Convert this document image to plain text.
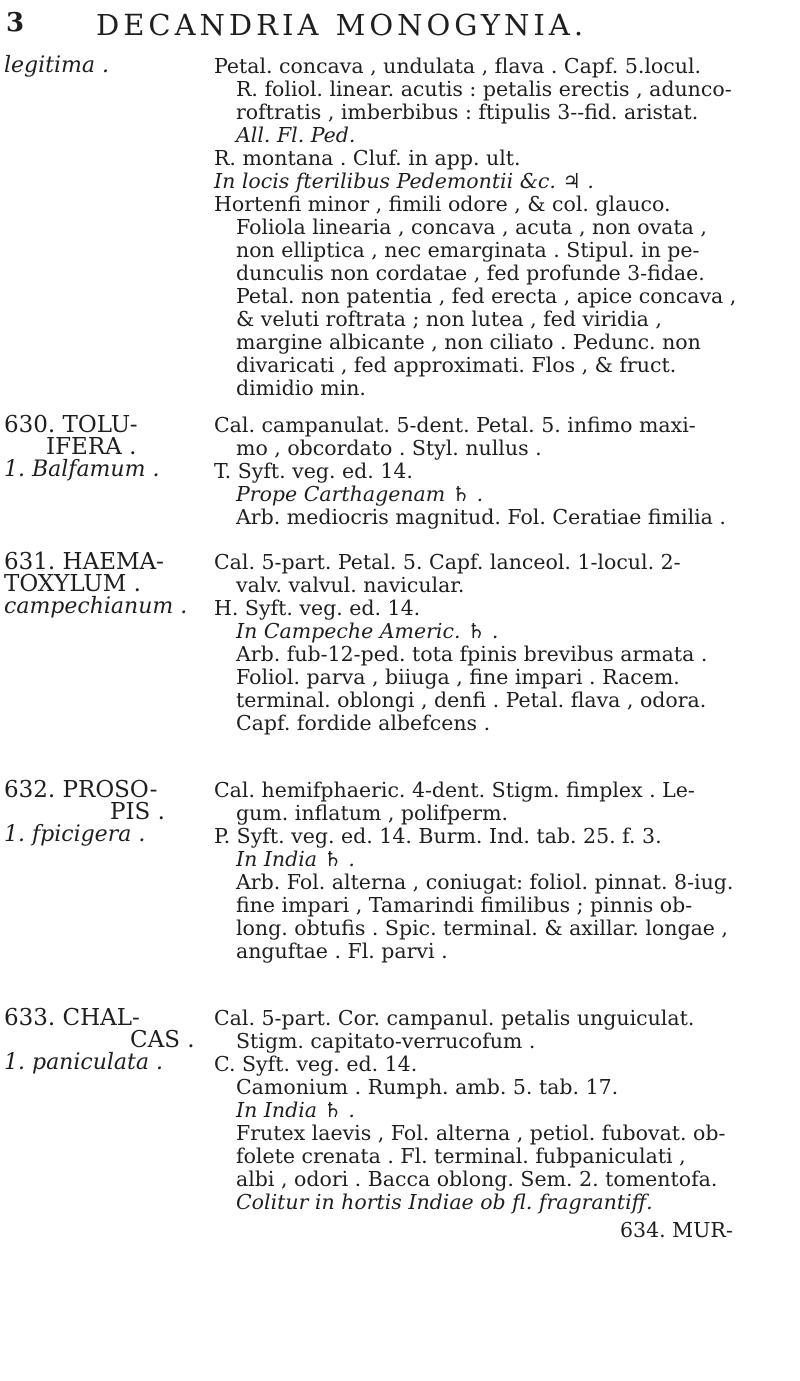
3 DECANDRIA MONOGYNIA.
legitima .
630. TOLU-
IFERA .
1. Balfamum .
631. HAEMA-
TOXYLUM .
campechianum .
632. PROSO-
PIS .
1. fpicigera .
633. CHAL-
CAS .
1. paniculata .
Petal. concava , undulata , flava . Capf. 5.locul.
R. foliol. linear. acutis : petalis erectis , adunco-
roftratis , imberbibus : ftipulis 3--fid. aristat.
All. Fl. Ped.
R. montana . Cluf. in app. ult.
In locis fterilibus Pedemontii &c. ♃ .
Hortenfi minor , fimili odore , & col. glauco.
Foliola linearia , concava , acuta , non ovata ,
non elliptica , nec emarginata . Stipul. in pe-
dunculis non cordatae , fed profunde 3-fidae.
Petal. non patentia , fed erecta , apice concava ,
& veluti roftrata ; non lutea , fed viridia ,
margine albicante , non ciliato . Pedunc. non
divaricati , fed approximati. Flos , & fruct.
dimidio min.
Cal. campanulat. 5-dent. Petal. 5. infimo maxi-
mo , obcordato . Styl. nullus .
T. Syft. veg. ed. 14.
Prope Carthagenam ♄ .
Arb. mediocris magnitud. Fol. Ceratiae fimilia .
Cal. 5-part. Petal. 5. Capf. lanceol. 1-locul. 2-
valv. valvul. navicular.
H. Syft. veg. ed. 14.
In Campeche Americ. ♄ .
Arb. fub-12-ped. tota fpinis brevibus armata .
Foliol. parva , biiuga , fine impari . Racem.
terminal. oblongi , denfi . Petal. flava , odora.
Capf. fordide albefcens .
Cal. hemifphaeric. 4-dent. Stigm. fimplex . Le-
gum. inflatum , polifperm.
P. Syft. veg. ed. 14. Burm. Ind. tab. 25. f. 3.
In India ♄ .
Arb. Fol. alterna , coniugat: foliol. pinnat. 8-iug.
fine impari , Tamarindi fimilibus ; pinnis ob-
long. obtufis . Spic. terminal. & axillar. longae ,
anguftae . Fl. parvi .
Cal. 5-part. Cor. campanul. petalis unguiculat.
Stigm. capitato-verrucofum .
C. Syft. veg. ed. 14.
Camonium . Rumph. amb. 5. tab. 17.
In India ♄ .
Frutex laevis , Fol. alterna , petiol. fubovat. ob-
folete crenata . Fl. terminal. fubpaniculati ,
albi , odori . Bacca oblong. Sem. 2. tomentofa.
Colitur in hortis Indiae ob fl. fragrantiff.
634. MUR-
